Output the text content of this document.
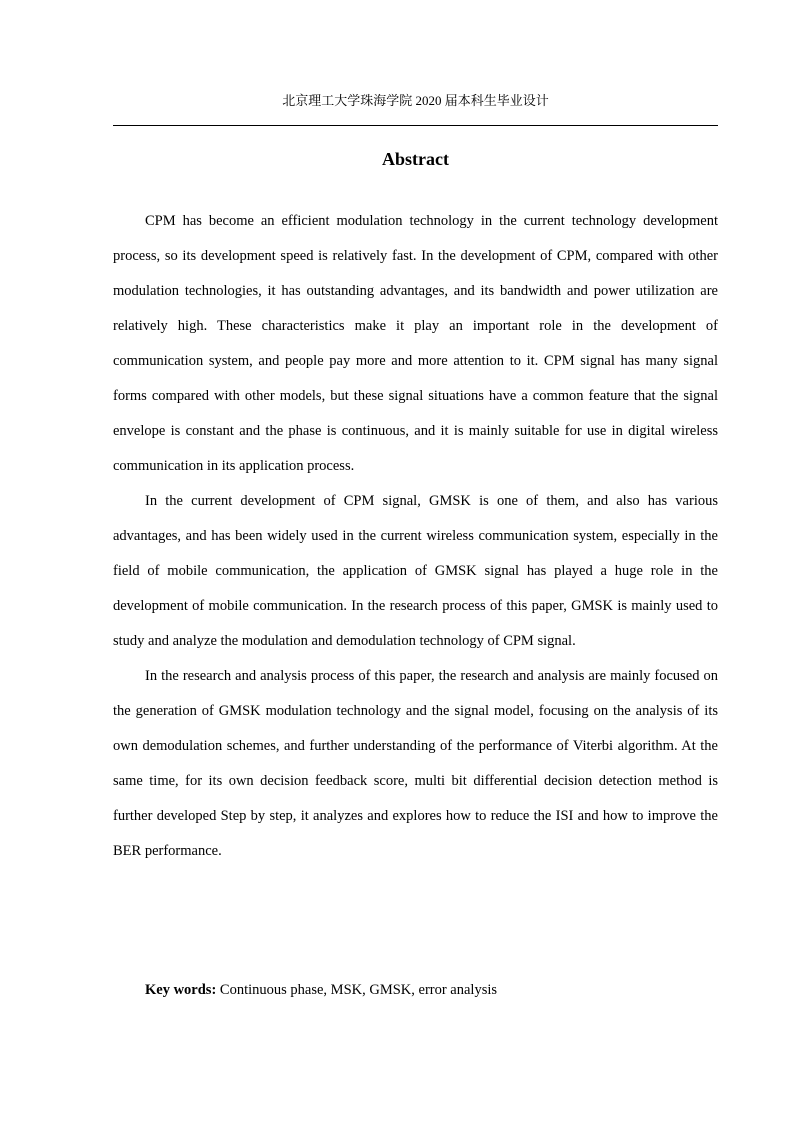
北京理工大学珠海学院 2020 届本科生毕业设计
Abstract

CPM has become an efficient modulation technology in the current technology development process, so its development speed is relatively fast. In the development of CPM, compared with other modulation technologies, it has outstanding advantages, and its bandwidth and power utilization are relatively high. These characteristics make it play an important role in the development of communication system, and people pay more and more attention to it. CPM signal has many signal forms compared with other models, but these signal situations have a common feature that the signal envelope is constant and the phase is continuous, and it is mainly suitable for use in digital wireless communication in its application process.

In the current development of CPM signal, GMSK is one of them, and also has various advantages, and has been widely used in the current wireless communication system, especially in the field of mobile communication, the application of GMSK signal has played a huge role in the development of mobile communication. In the research process of this paper, GMSK is mainly used to study and analyze the modulation and demodulation technology of CPM signal.

In the research and analysis process of this paper, the research and analysis are mainly focused on the generation of GMSK modulation technology and the signal model, focusing on the analysis of its own demodulation schemes, and further understanding of the performance of Viterbi algorithm. At the same time, for its own decision feedback score, multi bit differential decision detection method is further developed Step by step, it analyzes and explores how to reduce the ISI and how to improve the BER performance.

Key words: Continuous phase, MSK, GMSK, error analysis
